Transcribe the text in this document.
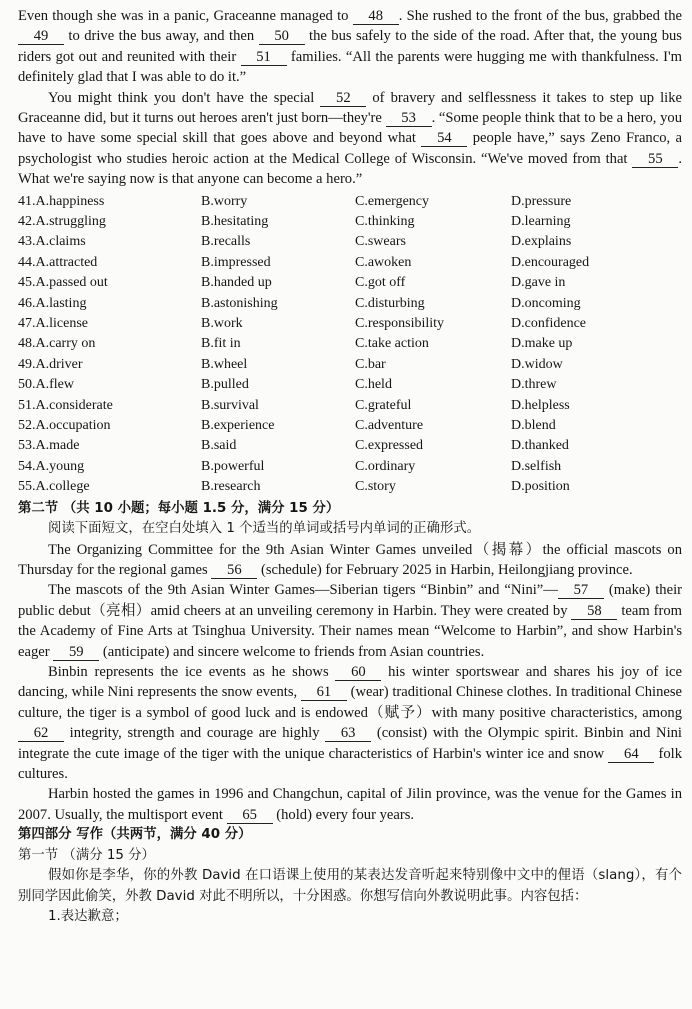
Even though she was in a panic, Graceanne managed to 48 . She rushed to the front of the bus, grabbed the 49 to drive the bus away, and then 50 the bus safely to the side of the road. After that, the young bus riders got out and reunited with their 51 families. “All the parents were hugging me with thankfulness. I'm definitely glad that I was able to do it.”

You might think you don't have the special 52 of bravery and selflessness it takes to step up like Graceanne did, but it turns out heroes aren't just born—they're 53 . “Some people think that to be a hero, you have to have some special skill that goes above and beyond what 54 people have,” says Zeno Franco, a psychologist who studies heroic action at the Medical College of Wisconsin. “We've moved from that 55 . What we're saying now is that anyone can become a hero.”

41.A.happiness	B.worry	C.emergency	D.pressure
42.A.struggling	B.hesitating	C.thinking	D.learning
43.A.claims	B.recalls	C.swears	D.explains
44.A.attracted	B.impressed	C.awoken	D.encouraged
45.A.passed out	B.handed up	C.got off	D.gave in
46.A.lasting	B.astonishing	C.disturbing	D.oncoming
47.A.license	B.work	C.responsibility	D.confidence
48.A.carry on	B.fit in	C.take action	D.make up
49.A.driver	B.wheel	C.bar	D.widow
50.A.flew	B.pulled	C.held	D.threw
51.A.considerate	B.survival	C.grateful	D.helpless
52.A.occupation	B.experience	C.adventure	D.blend
53.A.made	B.said	C.expressed	D.thanked
54.A.young	B.powerful	C.ordinary	D.selfish
55.A.college	B.research	C.story	D.position

第二节 （共 10 小题；每小题 1.5 分，满分 15 分）

阅读下面短文，在空白处填入 1 个适当的单词或括号内单词的正确形式。

The Organizing Committee for the 9th Asian Winter Games unveiled（揭幕）the official mascots on Thursday for the regional games 56 (schedule) for February 2025 in Harbin, Heilongjiang province.

The mascots of the 9th Asian Winter Games—Siberian tigers “Binbin” and “Nini”— 57 (make) their public debut（亮相）amid cheers at an unveiling ceremony in Harbin. They were created by 58 team from the Academy of Fine Arts at Tsinghua University. Their names mean “Welcome to Harbin”, and show Harbin's eager 59 (anticipate) and sincere welcome to friends from Asian countries.

Binbin represents the ice events as he shows 60 his winter sportswear and shares his joy of ice dancing, while Nini represents the snow events, 61 (wear) traditional Chinese clothes. In traditional Chinese culture, the tiger is a symbol of good luck and is endowed（赋予）with many positive characteristics, among 62 integrity, strength and courage are highly 63 (consist) with the Olympic spirit. Binbin and Nini integrate the cute image of the tiger with the unique characteristics of Harbin's winter ice and snow 64 folk cultures.

Harbin hosted the games in 1996 and Changchun, capital of Jilin province, was the venue for the Games in 2007. Usually, the multisport event 65 (hold) every four years.

第四部分 写作（共两节，满分 40 分）

第一节 （满分 15 分）

假如你是李华，你的外教 David 在口语课上使用的某表达发音听起来特别像中文中的俚语（slang），有个别同学因此偷笑，外教 David 对此不明所以，十分困惑。你想写信向外教说明此事。内容包括：

1.表达歉意；
